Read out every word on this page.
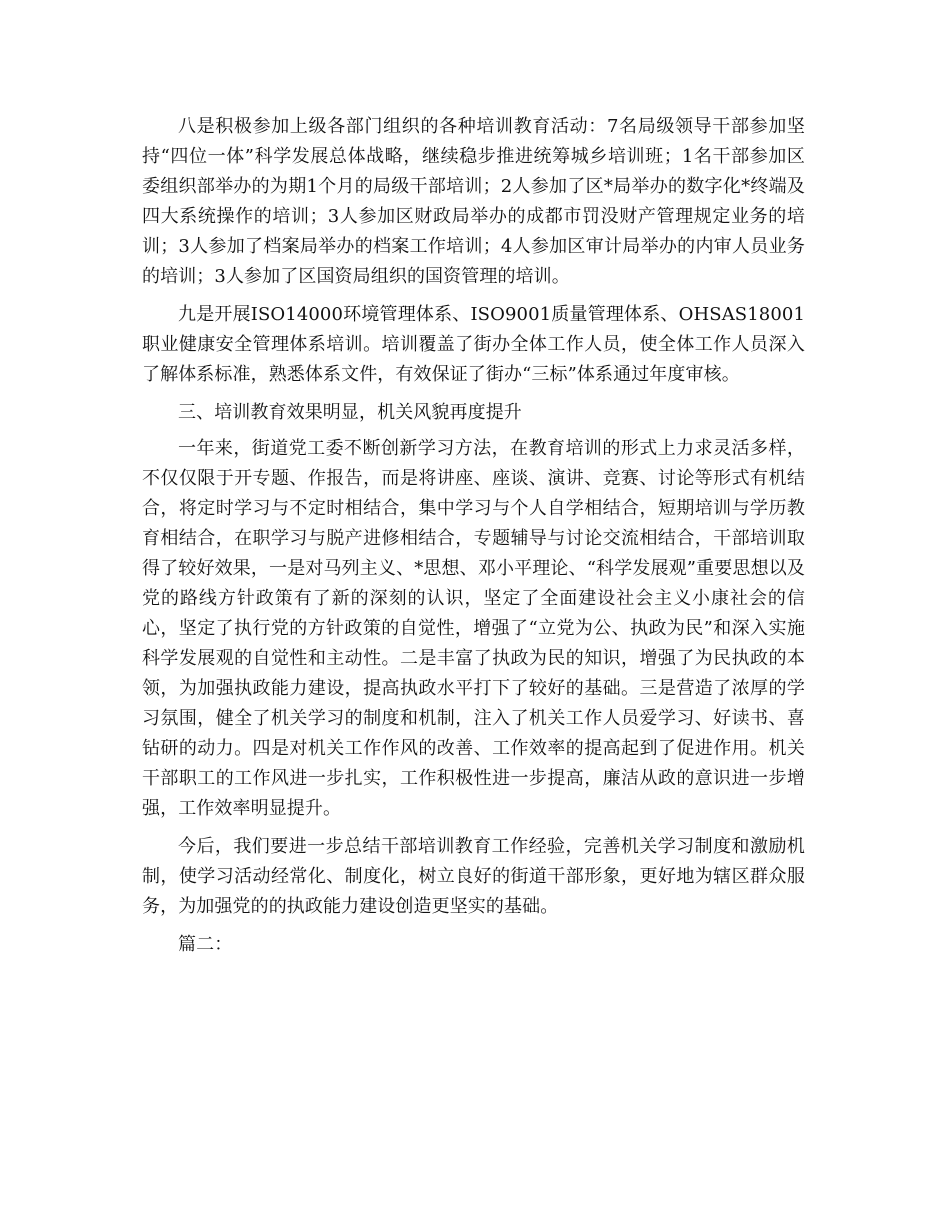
八是积极参加上级各部门组织的各种培训教育活动：7名局级领导干部参加坚持“四位一体”科学发展总体战略，继续稳步推进统筹城乡培训班；1名干部参加区委组织部举办的为期1个月的局级干部培训；2人参加了区*局举办的数字化*终端及四大系统操作的培训；3人参加区财政局举办的成都市罚没财产管理规定业务的培训；3人参加了档案局举办的档案工作培训；4人参加区审计局举办的内审人员业务的培训；3人参加了区国资局组织的国资管理的培训。

九是开展ISO14000环境管理体系、ISO9001质量管理体系、OHSAS18001职业健康安全管理体系培训。培训覆盖了街办全体工作人员，使全体工作人员深入了解体系标准，熟悉体系文件，有效保证了街办“三标”体系通过年度审核。

三、培训教育效果明显，机关风貌再度提升

一年来，街道党工委不断创新学习方法，在教育培训的形式上力求灵活多样，不仅仅限于开专题、作报告，而是将讲座、座谈、演讲、竞赛、讨论等形式有机结合，将定时学习与不定时相结合，集中学习与个人自学相结合，短期培训与学历教育相结合，在职学习与脱产进修相结合，专题辅导与讨论交流相结合，干部培训取得了较好效果，一是对马列主义、*思想、邓小平理论、“科学发展观”重要思想以及党的路线方针政策有了新的深刻的认识，坚定了全面建设社会主义小康社会的信心，坚定了执行党的方针政策的自觉性，增强了“立党为公、执政为民”和深入实施科学发展观的自觉性和主动性。二是丰富了执政为民的知识，增强了为民执政的本领，为加强执政能力建设，提高执政水平打下了较好的基础。三是营造了浓厚的学习氛围，健全了机关学习的制度和机制，注入了机关工作人员爱学习、好读书、喜钻研的动力。四是对机关工作作风的改善、工作效率的提高起到了促进作用。机关干部职工的工作风进一步扎实，工作积极性进一步提高，廉洁从政的意识进一步增强，工作效率明显提升。

今后，我们要进一步总结干部培训教育工作经验，完善机关学习制度和激励机制，使学习活动经常化、制度化，树立良好的街道干部形象，更好地为辖区群众服务，为加强党的的执政能力建设创造更坚实的基础。

篇二：
